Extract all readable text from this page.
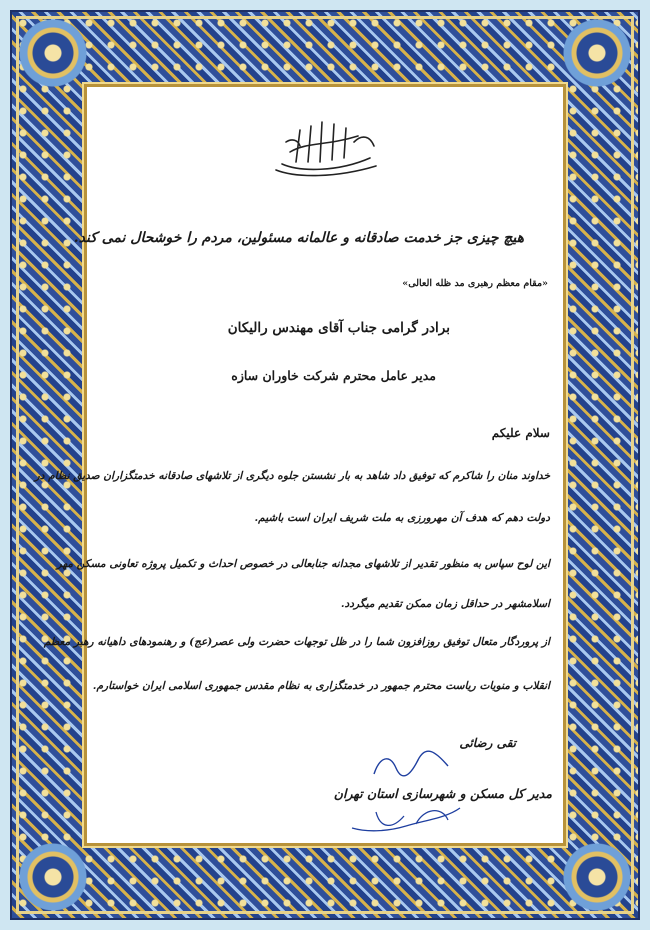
هیچ چیزی جز خدمت صادقانه و عالمانه مسئولین، مردم را خوشحال نمی کند.
«مقام معظم رهبری مد ظله العالی»
برادر گرامی جناب آقای مهندس رالیکان
مدیر عامل محترم شرکت خاوران سازه
سلام علیکم
خداوند منان را شاکرم که توفیق داد شاهد به بار نشستن جلوه دیگری از تلاشهای صادقانه خدمتگزاران صدیق نظام در
دولت دهم که هدف آن مهرورزی به ملت شریف ایران است باشیم.
این لوح سپاس به منظور تقدیر از تلاشهای مجدانه جنابعالی در خصوص احداث و تکمیل پروژه تعاونی مسکن مهر
اسلامشهر در حداقل زمان ممکن تقدیم میگردد.
از پروردگار متعال توفیق روزافزون شما را در ظل توجهات حضرت ولی عصر(عج) و رهنمودهای داهیانه رهبر معظم
انقلاب و منویات ریاست محترم جمهور در خدمتگزاری به نظام مقدس جمهوری اسلامی ایران خواستارم.
تقی رضائی
مدیر کل مسکن و شهرسازی استان تهران
